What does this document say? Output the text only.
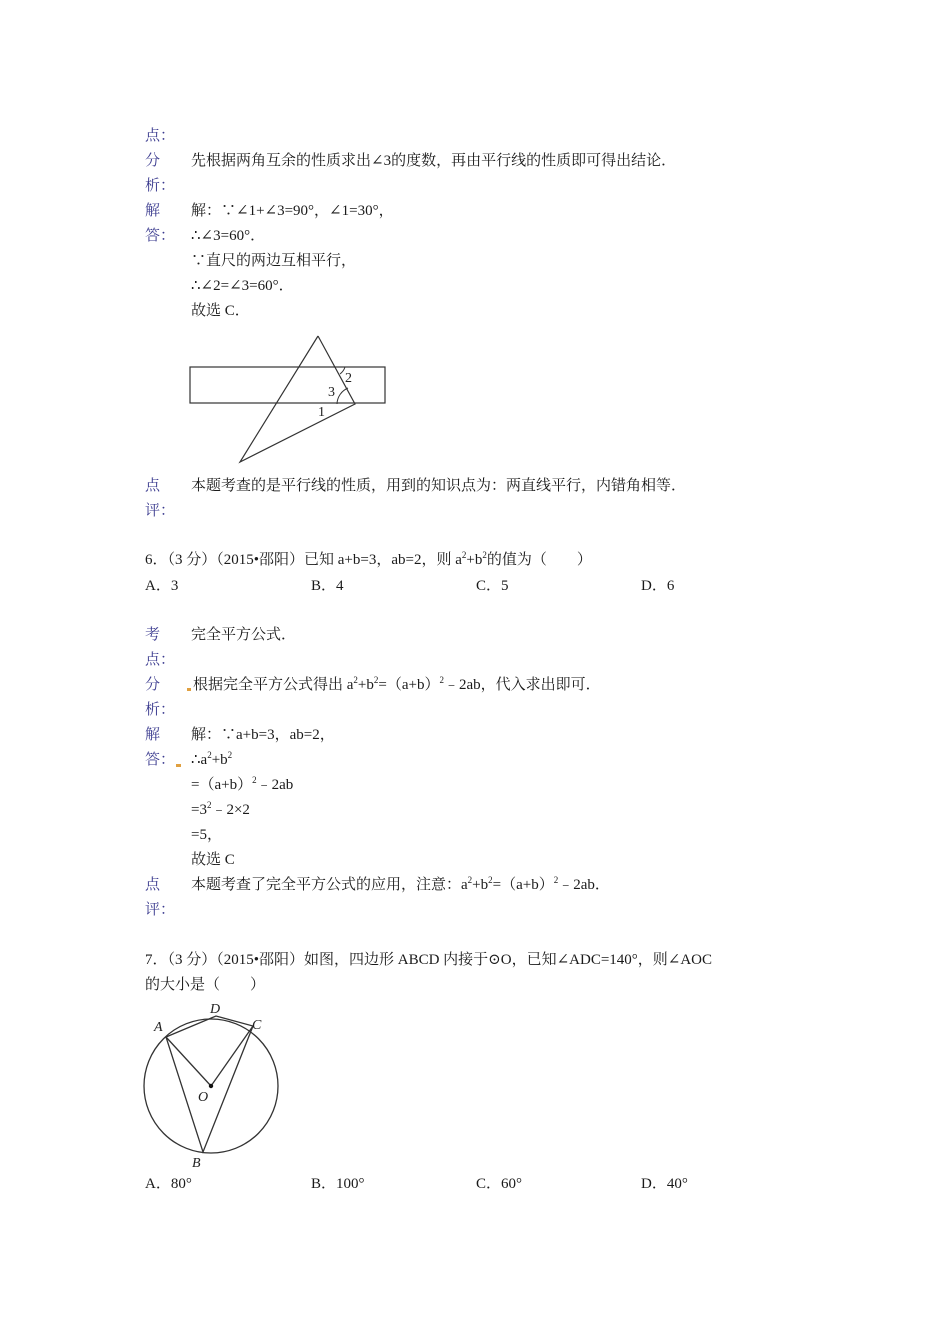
点：
分 先根据两角互余的性质求出∠3的度数，再由平行线的性质即可得出结论．
析：
解 解：∵∠1+∠3=90°，∠1=30°，
答： ∴∠3=60°．
∵直尺的两边互相平行，
∴∠2=∠3=60°．
故选 C．
2
3
1
点 本题考查的是平行线的性质，用到的知识点为：两直线平行，内错角相等．
评：
6．（3 分）（2015•邵阳）已知 a+b=3，ab=2，则 $a^2+b^2$的值为（　　）
A．3	B．4	C．5	D．6
考 完全平方公式．
点：
分 根据完全平方公式得出 $a^2+b^2=(a+b)^2﹣2ab$，代入求出即可．
析：
解 解：∵a+b=3，ab=2，
答： $\therefore a^2+b^2$
$=(a+b)^2﹣2ab$
$=3^2﹣2\times 2$
=5，
故选 C
点 本题考查了完全平方公式的应用，注意：$a^2+b^2=(a+b)^2﹣2ab$．
评：
7．（3 分）（2015•邵阳）如图，四边形 ABCD 内接于⊙O，已知∠ADC=140°，则∠AOC
的大小是（　　）
A
D
C
O
B
A．80°	B．100°	C．60°	D．40°
